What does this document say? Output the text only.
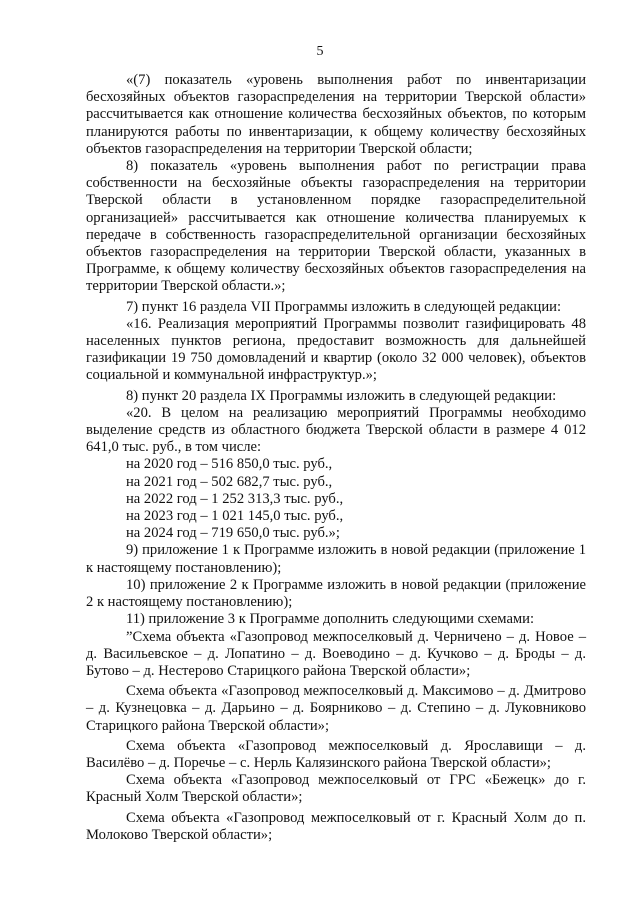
5

«(7) показатель «уровень выполнения работ по инвентаризации бесхозяйных объектов газораспределения на территории Тверской области» рассчитывается как отношение количества бесхозяйных объектов, по которым планируются работы по инвентаризации, к общему количеству бесхозяйных объектов газораспределения на территории Тверской области;

8) показатель «уровень выполнения работ по регистрации права собственности на бесхозяйные объекты газораспределения на территории Тверской области в установленном порядке газораспределительной организацией» рассчитывается как отношение количества планируемых к передаче в собственность газораспределительной организации бесхозяйных объектов газораспределения на территории Тверской области, указанных в Программе, к общему количеству бесхозяйных объектов газораспределения на территории Тверской области.»;

7) пункт 16 раздела VII Программы изложить в следующей редакции:

«16. Реализация мероприятий Программы позволит газифицировать 48 населенных пунктов региона, предоставит возможность для дальнейшей газификации 19 750 домовладений и квартир (около 32 000 человек), объектов социальной и коммунальной инфраструктур.»;

8) пункт 20 раздела IX Программы изложить в следующей редакции:

«20. В целом на реализацию мероприятий Программы необходимо выделение средств из областного бюджета Тверской области в размере 4 012 641,0 тыс. руб., в том числе:

на 2020 год – 516 850,0 тыс. руб.,

на 2021 год – 502 682,7 тыс. руб.,

на 2022 год – 1 252 313,3 тыс. руб.,

на 2023 год – 1 021 145,0 тыс. руб.,

на 2024 год – 719 650,0 тыс. руб.»;

9) приложение 1 к Программе изложить в новой редакции (приложение 1 к настоящему постановлению);

10) приложение 2 к Программе изложить в новой редакции (приложение 2 к настоящему постановлению);

11) приложение 3 к Программе дополнить следующими схемами:

”Схема объекта «Газопровод межпоселковый д. Черничено – д. Новое – д. Васильевское – д. Лопатино – д. Воеводино – д. Кучково – д. Броды – д. Бутово – д. Нестерово Старицкого района Тверской области»;

Схема объекта «Газопровод межпоселковый д. Максимово – д. Дмитрово – д. Кузнецовка – д. Дарьино – д. Боярниково – д. Степино – д. Луковниково Старицкого района Тверской области»;

Схема объекта «Газопровод межпоселковый д. Ярославищи – д. Василёво – д. Поречье – с. Нерль Калязинского района Тверской области»;

Схема объекта «Газопровод межпоселковый от ГРС «Бежецк» до г. Красный Холм Тверской области»;

Схема объекта «Газопровод межпоселковый от г. Красный Холм до п. Молоково Тверской области»;
